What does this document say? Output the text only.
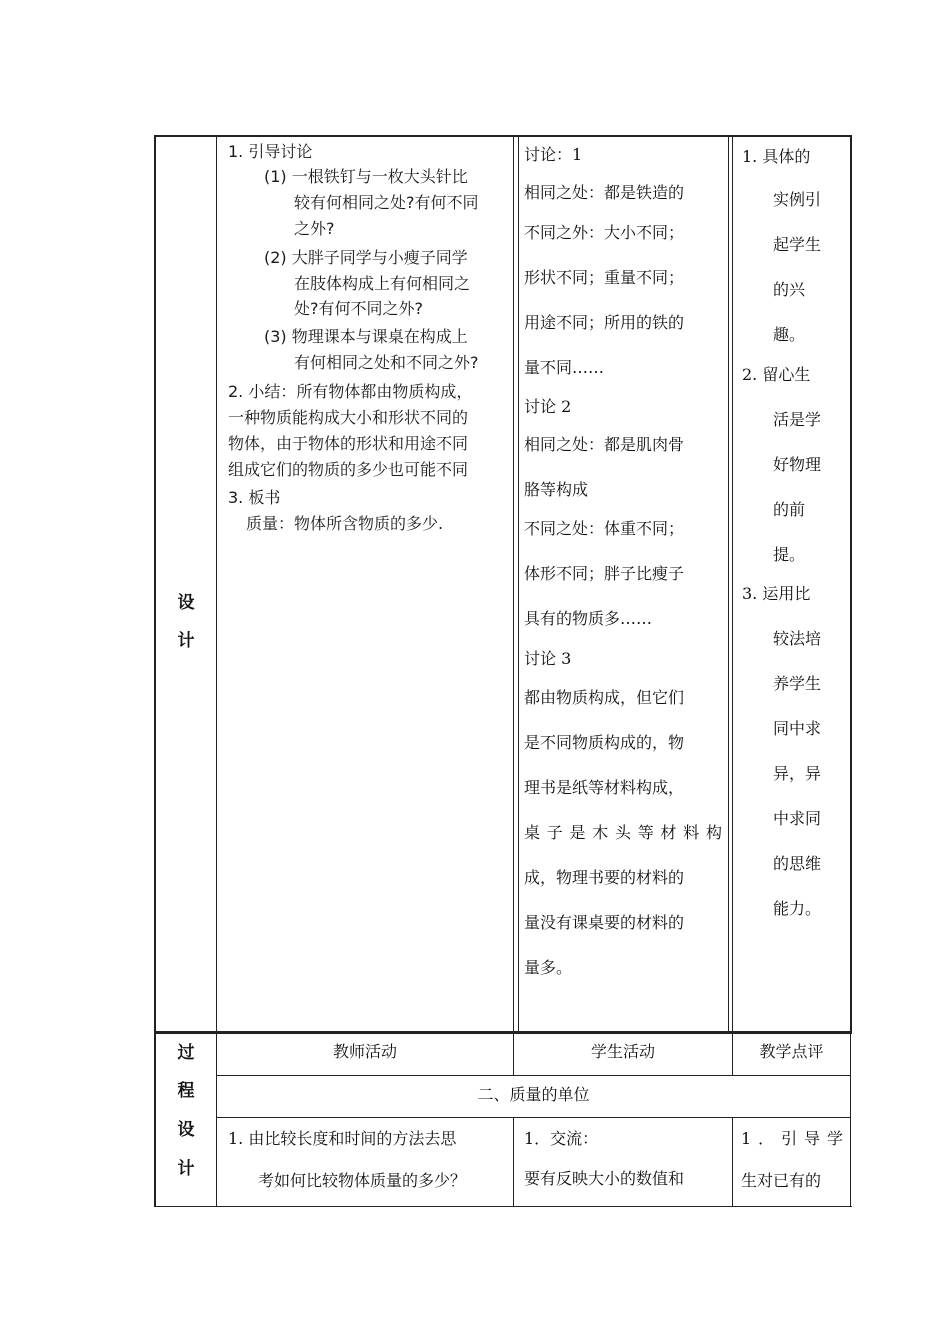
设
计
1. 引导讨论
(1) 一根铁钉与一枚大头针比
较有何相同之处?有何不同
之外?
(2) 大胖子同学与小瘦子同学
在肢体构成上有何相同之
处?有何不同之外?
(3) 物理课本与课桌在构成上
有何相同之处和不同之外?
2. 小结：所有物体都由物质构成，
一种物质能构成大小和形状不同的
物体，由于物体的形状和用途不同
组成它们的物质的多少也可能不同
3. 板书
质量：物体所含物质的多少.
讨论：1
相同之处：都是铁造的
不同之外：大小不同；
形状不同；重量不同；
用途不同；所用的铁的
量不同……
讨论 2
相同之处：都是肌肉骨
胳等构成
不同之处：体重不同；
体形不同；胖子比瘦子
具有的物质多……
讨论 3
都由物质构成，但它们
是不同物质构成的，物
理书是纸等材料构成，
桌子是木头等材料构
成，物理书要的材料的
量没有课桌要的材料的
量多。
1. 具体的
实例引
起学生
的兴
趣。
2. 留心生
活是学
好物理
的前
提。
3. 运用比
较法培
养学生
同中求
异，异
中求同
的思维
能力。
过
程
设
计
教师活动	学生活动	教学点评
二、质量的单位
1. 由比较长度和时间的方法去思
考如何比较物体质量的多少？
1．交流：
要有反映大小的数值和
1．引导学
生对已有的
